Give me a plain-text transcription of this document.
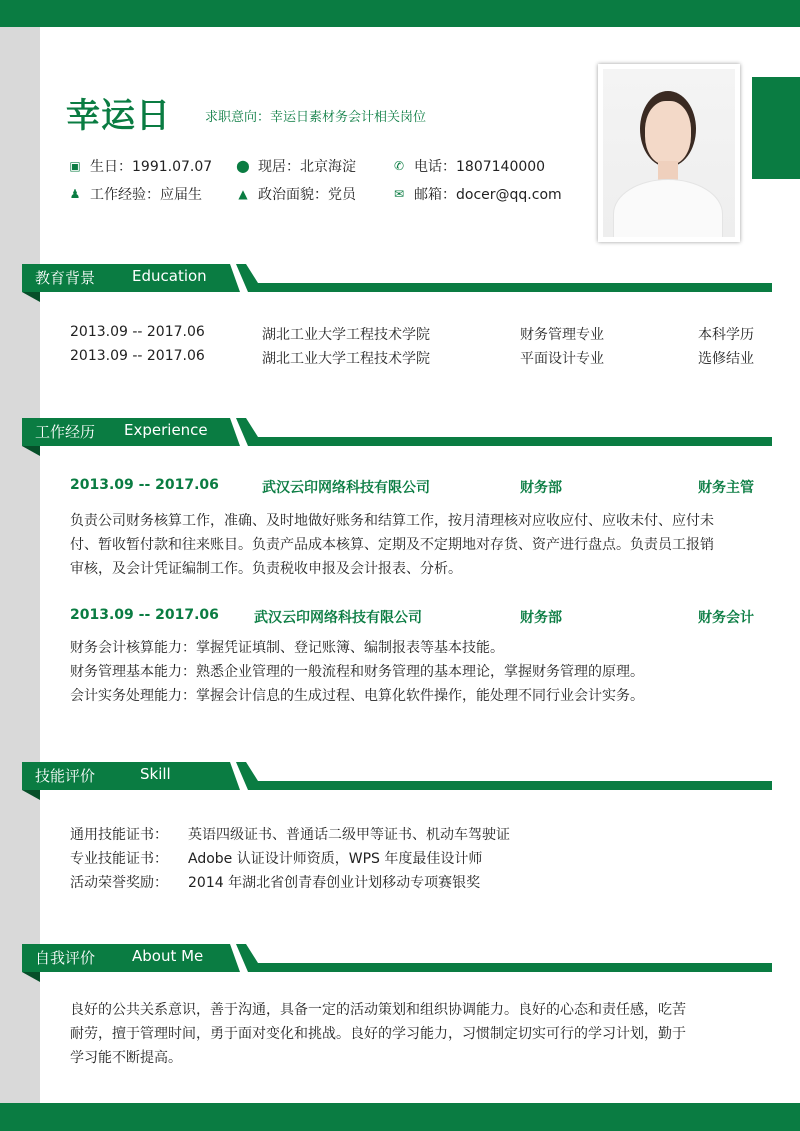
幸运日	求职意向：幸运日素材务会计相关岗位
▣ 生日：1991.07.07 ⬤ 现居：北京海淀	✆ 电话：1807140000
♟ 工作经验：应届生	▲ 政治面貌：党员	✉ 邮箱：docer@qq.com
教育背景 Education
2013.09 -- 2017.06	湖北工业大学工程技术学院	财务管理专业	本科学历
2013.09 -- 2017.06	湖北工业大学工程技术学院	平面设计专业	选修结业
工作经历 Experience
2013.09 -- 2017.06	武汉云印网络科技有限公司	财务部	财务主管
负责公司财务核算工作，准确、及时地做好账务和结算工作，按月清理核对应收应付、应收未付、应付未
付、暂收暂付款和往来账目。负责产品成本核算、定期及不定期地对存货、资产进行盘点。负责员工报销
审核，及会计凭证编制工作。负责税收申报及会计报表、分析。
2013.09 -- 2017.06	武汉云印网络科技有限公司	财务部	财务会计
财务会计核算能力：掌握凭证填制、登记账簿、编制报表等基本技能。
财务管理基本能力：熟悉企业管理的一般流程和财务管理的基本理论，掌握财务管理的原理。
会计实务处理能力：掌握会计信息的生成过程、电算化软件操作，能处理不同行业会计实务。
技能评价	Skill
通用技能证书： 英语四级证书、普通话二级甲等证书、机动车驾驶证
专业技能证书： Adobe 认证设计师资质，WPS 年度最佳设计师
活动荣誉奖励： 2014 年湖北省创青春创业计划移动专项赛银奖
自我评价 About Me
良好的公共关系意识，善于沟通，具备一定的活动策划和组织协调能力。良好的心态和责任感，吃苦
耐劳，擅于管理时间，勇于面对变化和挑战。良好的学习能力，习惯制定切实可行的学习计划，勤于
学习能不断提高。
